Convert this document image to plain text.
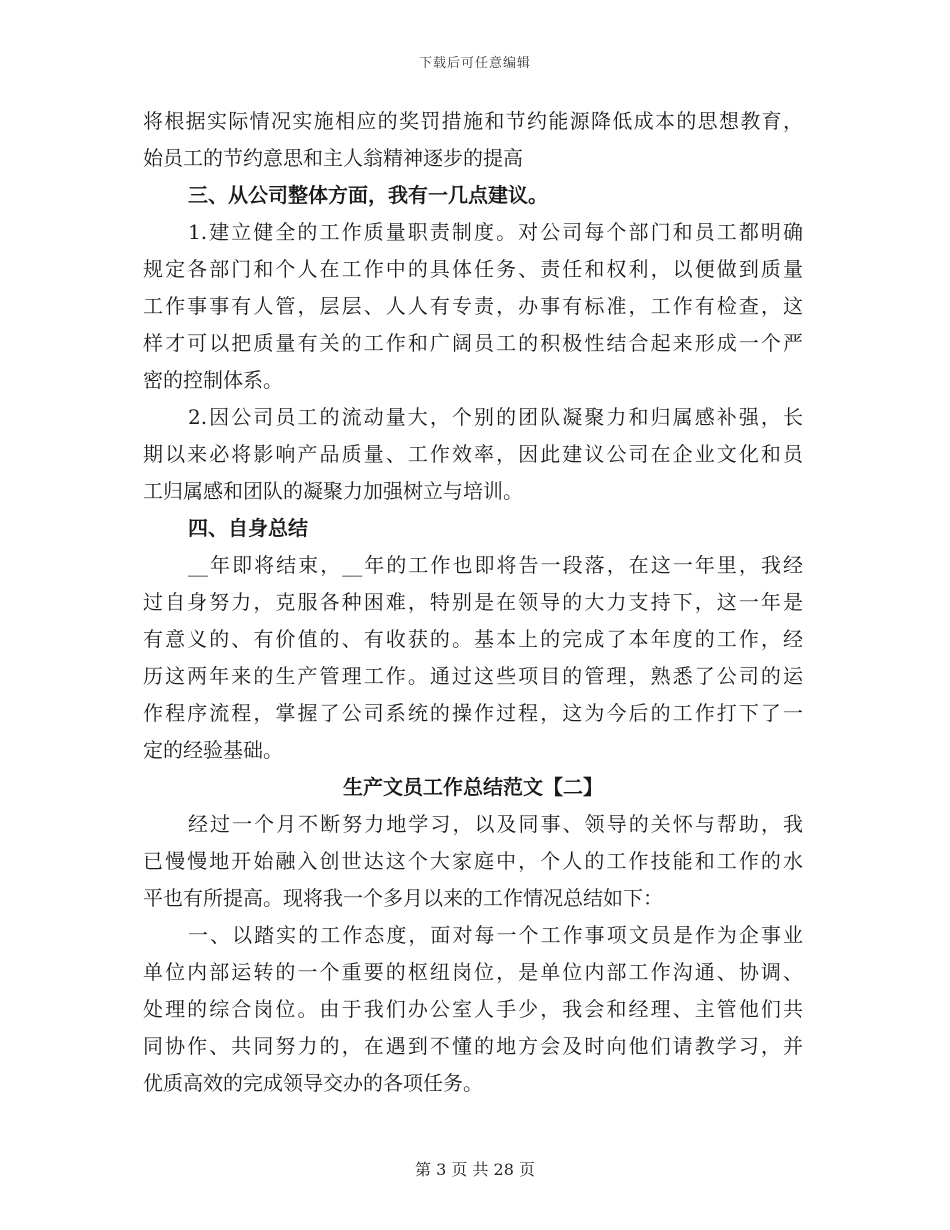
下载后可任意编辑
将根据实际情况实施相应的奖罚措施和节约能源降低成本的思想教育，
始员工的节约意思和主人翁精神逐步的提高
三、从公司整体方面，我有一几点建议。
1.建立健全的工作质量职责制度。对公司每个部门和员工都明确
规定各部门和个人在工作中的具体任务、责任和权利，以便做到质量
工作事事有人管，层层、人人有专责，办事有标准，工作有检查，这
样才可以把质量有关的工作和广阔员工的积极性结合起来形成一个严
密的控制体系。
2.因公司员工的流动量大，个别的团队凝聚力和归属感补强，长
期以来必将影响产品质量、工作效率，因此建议公司在企业文化和员
工归属感和团队的凝聚力加强树立与培训。
四、自身总结
__年即将结束，__年的工作也即将告一段落，在这一年里，我经
过自身努力，克服各种困难，特别是在领导的大力支持下，这一年是
有意义的、有价值的、有收获的。基本上的完成了本年度的工作，经
历这两年来的生产管理工作。通过这些项目的管理，熟悉了公司的运
作程序流程，掌握了公司系统的操作过程，这为今后的工作打下了一
定的经验基础。
生产文员工作总结范文【二】
经过一个月不断努力地学习，以及同事、领导的关怀与帮助，我
已慢慢地开始融入创世达这个大家庭中，个人的工作技能和工作的水
平也有所提高。现将我一个多月以来的工作情况总结如下：
一、以踏实的工作态度，面对每一个工作事项文员是作为企事业
单位内部运转的一个重要的枢纽岗位，是单位内部工作沟通、协调、
处理的综合岗位。由于我们办公室人手少，我会和经理、主管他们共
同协作、共同努力的，在遇到不懂的地方会及时向他们请教学习，并
优质高效的完成领导交办的各项任务。
第 3 页 共 28 页
